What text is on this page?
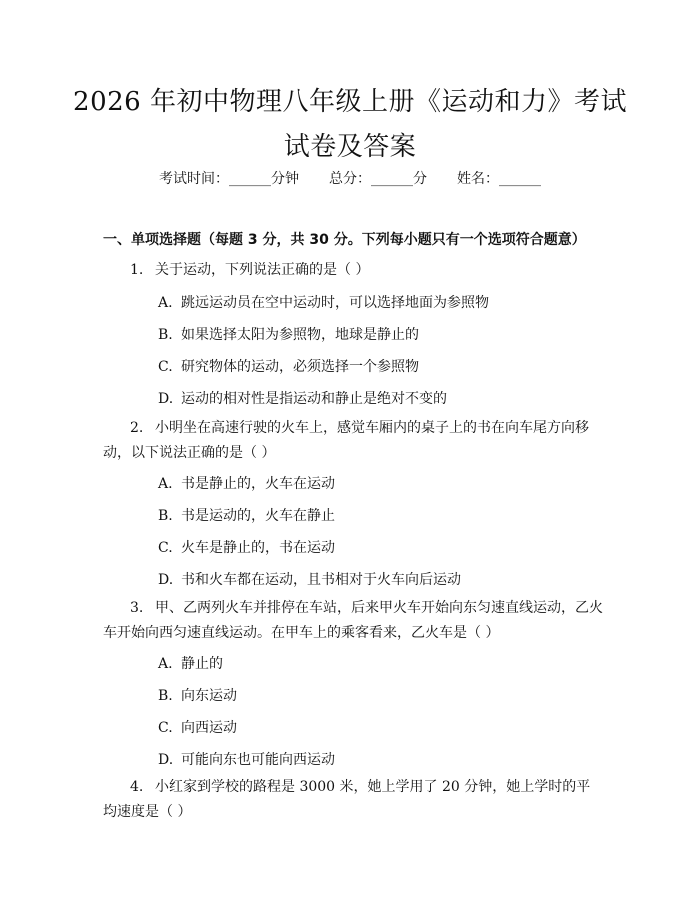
2026 年初中物理八年级上册《运动和力》考试试卷及答案
考试时间：______分钟 总分：______分 姓名：______
一、单项选择题（每题 3 分，共 30 分。下列每小题只有一个选项符合题意）
1. 关于运动，下列说法正确的是（ ）
A. 跳远运动员在空中运动时，可以选择地面为参照物
B. 如果选择太阳为参照物，地球是静止的
C. 研究物体的运动，必须选择一个参照物
D. 运动的相对性是指运动和静止是绝对不变的
2. 小明坐在高速行驶的火车上，感觉车厢内的桌子上的书在向车尾方向移动，以下说法正确的是（ ）
A. 书是静止的，火车在运动
B. 书是运动的，火车在静止
C. 火车是静止的，书在运动
D. 书和火车都在运动，且书相对于火车向后运动
3. 甲、乙两列火车并排停在车站，后来甲火车开始向东匀速直线运动，乙火车开始向西匀速直线运动。在甲车上的乘客看来，乙火车是（ ）
A. 静止的
B. 向东运动
C. 向西运动
D. 可能向东也可能向西运动
4. 小红家到学校的路程是 3000 米，她上学用了 20 分钟，她上学时的平均速度是（ ）
